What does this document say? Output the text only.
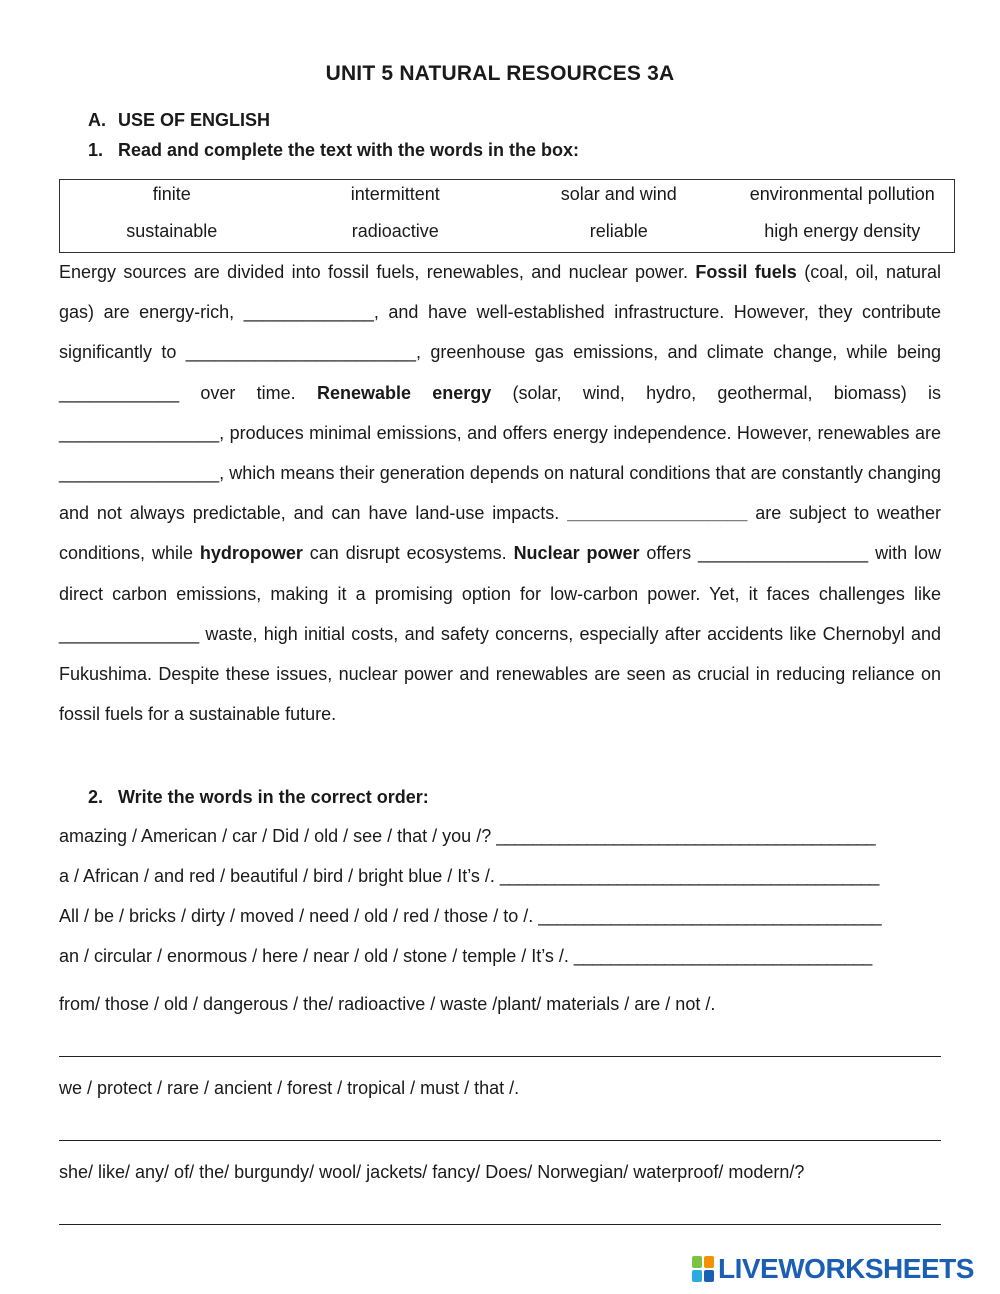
UNIT 5 NATURAL RESOURCES 3A
A. USE OF ENGLISH
1. Read and complete the text with the words in the box:
finite	intermittent	solar and wind	environmental pollution
sustainable	radioactive	reliable	high energy density
Energy sources are divided into fossil fuels, renewables, and nuclear power. Fossil fuels (coal, oil, natural gas) are energy-rich, _____________, and have well-established infrastructure. However, they contribute significantly to _______________________, greenhouse gas emissions, and climate change, while being ____________ over time. Renewable energy (solar, wind, hydro, geothermal, biomass) is ________________, produces minimal emissions, and offers energy independence. However, renewables are ________________, which means their generation depends on natural conditions that are constantly changing and not always predictable, and can have land-use impacts. __________________ are subject to weather conditions, while hydropower can disrupt ecosystems. Nuclear power offers _________________ with low direct carbon emissions, making it a promising option for low-carbon power. Yet, it faces challenges like ______________ waste, high initial costs, and safety concerns, especially after accidents like Chernobyl and Fukushima. Despite these issues, nuclear power and renewables are seen as crucial in reducing reliance on fossil fuels for a sustainable future.
2. Write the words in the correct order:
amazing / American / car / Did / old / see / that / you /? __________________________________________
a / African / and red / beautiful / bird / bright blue / It’s /. __________________________________________
All / be / bricks / dirty / moved / need / old / red / those / to /. ______________________________________
an / circular / enormous / here / near / old / stone / temple / It’s /. _________________________________
from/ those / old / dangerous / the/ radioactive / waste /plant/ materials / are / not /.
we / protect / rare / ancient / forest / tropical / must / that /.
she/ like/ any/ of/ the/ burgundy/ wool/ jackets/ fancy/ Does/ Norwegian/ waterproof/ modern/?
LIVEWORKSHEETS
